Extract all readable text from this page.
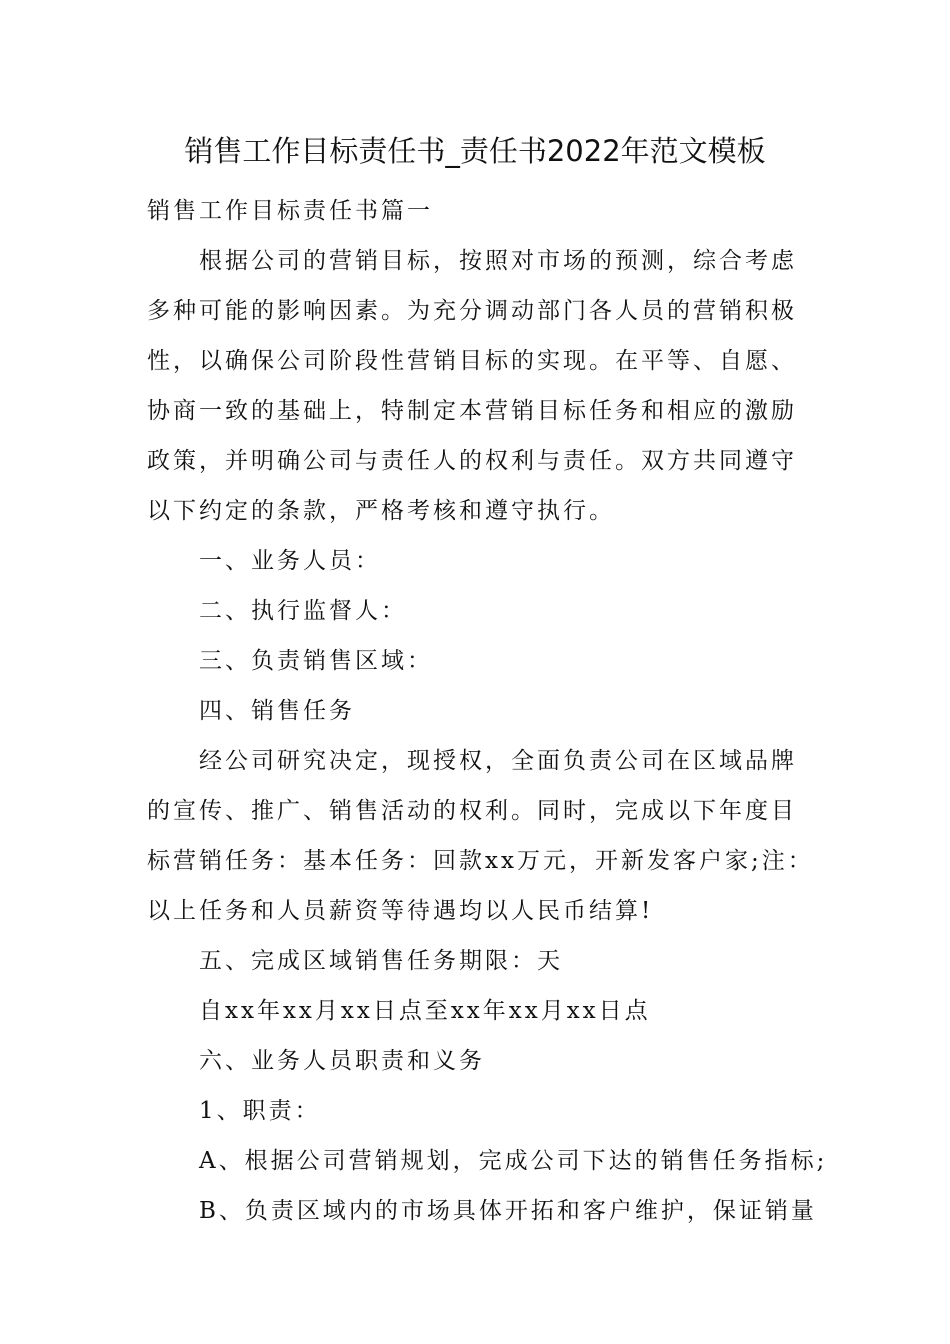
销售工作目标责任书_责任书2022年范文模板

销售工作目标责任书篇一

根据公司的营销目标，按照对市场的预测，综合考虑

多种可能的影响因素。为充分调动部门各人员的营销积极

性，以确保公司阶段性营销目标的实现。在平等、自愿、

协商一致的基础上，特制定本营销目标任务和相应的激励

政策，并明确公司与责任人的权利与责任。双方共同遵守

以下约定的条款，严格考核和遵守执行。

一、业务人员：

二、执行监督人：

三、负责销售区域：

四、销售任务

经公司研究决定，现授权，全面负责公司在区域品牌

的宣传、推广、销售活动的权利。同时，完成以下年度目

标营销任务：基本任务：回款xx万元，开新发客户家;注：

以上任务和人员薪资等待遇均以人民币结算!

五、完成区域销售任务期限：天

自xx年xx月xx日点至xx年xx月xx日点

六、业务人员职责和义务

1、职责：

A、根据公司营销规划，完成公司下达的销售任务指标;

B、负责区域内的市场具体开拓和客户维护，保证销量
